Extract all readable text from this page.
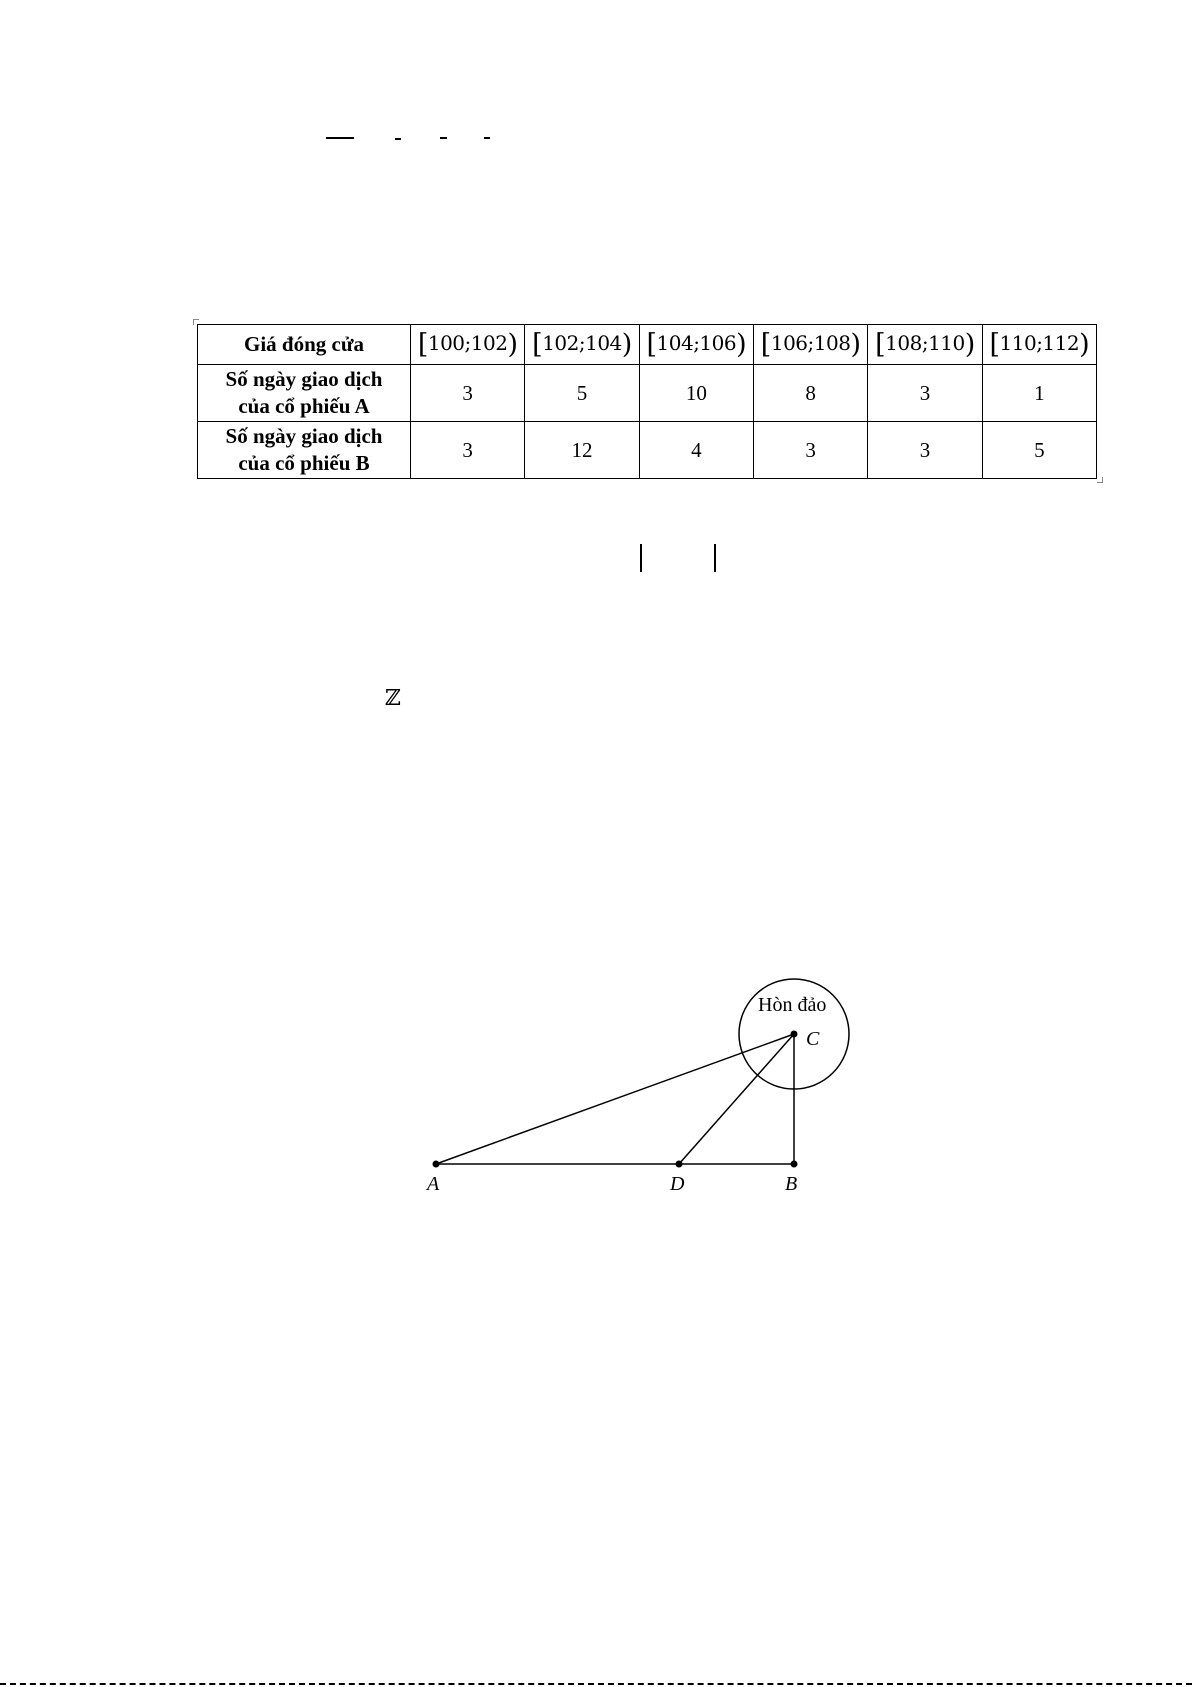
Giá đóng cửa	[100;102)	[102;104)	[104;106)	[106;108)	[108;110)	[110;112)
Số ngày giao dịch
của cổ phiếu A	3	5	10	8	3	1
Số ngày giao dịch
của cổ phiếu B	3	12	4	3	3	5
ℤ
Hòn đảo
C
A	D	B
